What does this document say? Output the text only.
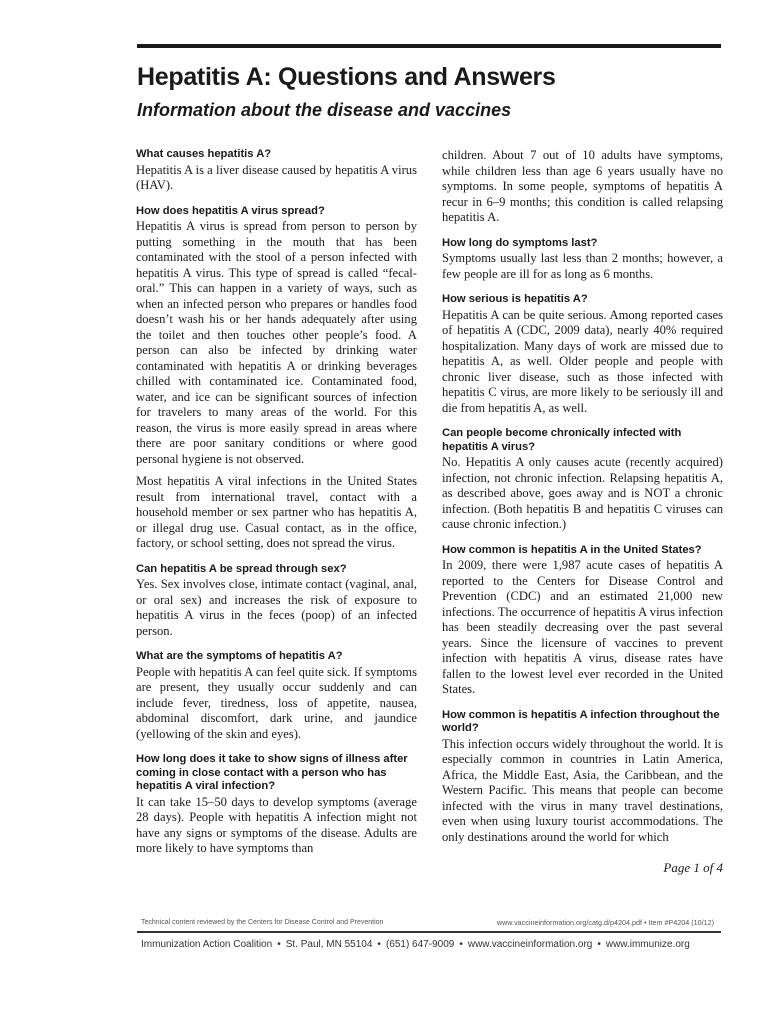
Hepatitis A: Questions and Answers
Information about the disease and vaccines

What causes hepatitis A?

Hepatitis A is a liver disease caused by hepatitis A virus (HAV).

How does hepatitis A virus spread?

Hepatitis A virus is spread from person to person by putting something in the mouth that has been contaminated with the stool of a person infected with hepatitis A virus. This type of spread is called “fecal-oral.” This can happen in a variety of ways, such as when an infected person who prepares or handles food doesn’t wash his or her hands adequately after using the toilet and then touches other people’s food. A person can also be infected by drinking water contaminated with hepatitis A or drinking beverages chilled with contaminated ice. Contaminated food, water, and ice can be significant sources of infection for travelers to many areas of the world. For this reason, the virus is more easily spread in areas where there are poor sanitary conditions or where good personal hygiene is not observed.

Most hepatitis A viral infections in the United States result from international travel, contact with a household member or sex partner who has hepatitis A, or illegal drug use. Casual contact, as in the office, factory, or school setting, does not spread the virus.

Can hepatitis A be spread through sex?

Yes. Sex involves close, intimate contact (vaginal, anal, or oral sex) and increases the risk of exposure to hepatitis A virus in the feces (poop) of an infected person.

What are the symptoms of hepatitis A?

People with hepatitis A can feel quite sick. If symptoms are present, they usually occur suddenly and can include fever, tiredness, loss of appetite, nausea, abdominal discomfort, dark urine, and jaundice (yellowing of the skin and eyes).

How long does it take to show signs of illness after coming in close contact with a person who has hepatitis A viral infection?

It can take 15–50 days to develop symptoms (average 28 days). People with hepatitis A infection might not have any signs or symptoms of the disease. Adults are more likely to have symptoms than

children. About 7 out of 10 adults have symptoms, while children less than age 6 years usually have no symptoms. In some people, symptoms of hepatitis A recur in 6–9 months; this condition is called relapsing hepatitis A.

How long do symptoms last?

Symptoms usually last less than 2 months; however, a few people are ill for as long as 6 months.

How serious is hepatitis A?

Hepatitis A can be quite serious. Among reported cases of hepatitis A (CDC, 2009 data), nearly 40% required hospitalization. Many days of work are missed due to hepatitis A, as well. Older people and people with chronic liver disease, such as those infected with hepatitis C virus, are more likely to be seriously ill and die from hepatitis A, as well.

Can people become chronically infected with hepatitis A virus?

No. Hepatitis A only causes acute (recently acquired) infection, not chronic infection. Relapsing hepatitis A, as described above, goes away and is NOT a chronic infection. (Both hepatitis B and hepatitis C viruses can cause chronic infection.)

How common is hepatitis A in the United States?

In 2009, there were 1,987 acute cases of hepatitis A reported to the Centers for Disease Control and Prevention (CDC) and an estimated 21,000 new infections. The occurrence of hepatitis A virus infection has been steadily decreasing over the past several years. Since the licensure of vaccines to prevent infection with hepatitis A virus, disease rates have fallen to the lowest level ever recorded in the United States.

How common is hepatitis A infection throughout the world?

This infection occurs widely throughout the world. It is especially common in countries in Latin America, Africa, the Middle East, Asia, the Caribbean, and the Western Pacific. This means that people can become infected with the virus in many travel destinations, even when using luxury tourist accommodations. The only destinations around the world for which

Page 1 of 4
Technical content reviewed by the Centers for Disease Control and Prevention	www.vaccineinformation.org/catg.d/p4204.pdf • Item #P4204 (10/12)
Immunization Action Coalition • St. Paul, MN 55104 • (651) 647-9009 • www.vaccineinformation.org • www.immunize.org
